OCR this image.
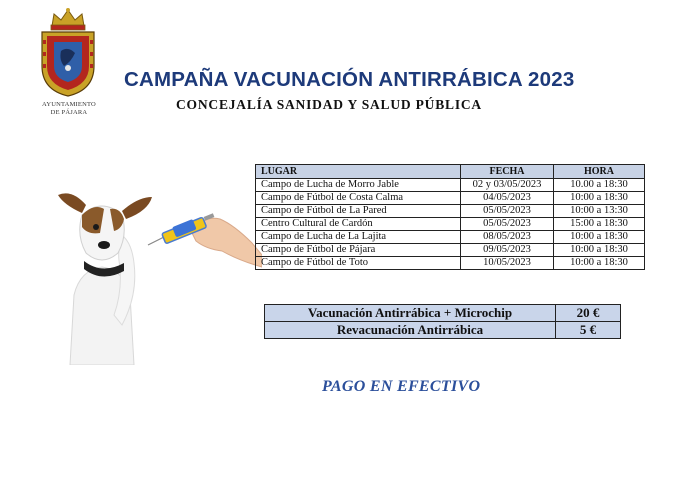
AYUNTAMIENTO
DE PÁJARA
CAMPAÑA VACUNACIÓN ANTIRRÁBICA 2023
CONCEJALÍA SANIDAD Y SALUD PÚBLICA
LUGAR	FECHA	HORA
Campo de Lucha de Morro Jable	02 y 03/05/2023	10.00 a 18:30
Campo de Fútbol de Costa Calma	04/05/2023	10:00 a 18:30
Campo de Fútbol de La Pared	05/05/2023	10:00 a 13:30
Centro Cultural de Cardón	05/05/2023	15:00 a 18:30
Campo de Lucha de La Lajita	08/05/2023	10:00 a 18:30
Campo de Fútbol de Pájara	09/05/2023	10:00 a 18:30
Campo de Fútbol de Toto	10/05/2023	10:00 a 18:30
Vacunación Antirrábica + Microchip	20 €
Revacunación Antirrábica	5 €
PAGO EN EFECTIVO
